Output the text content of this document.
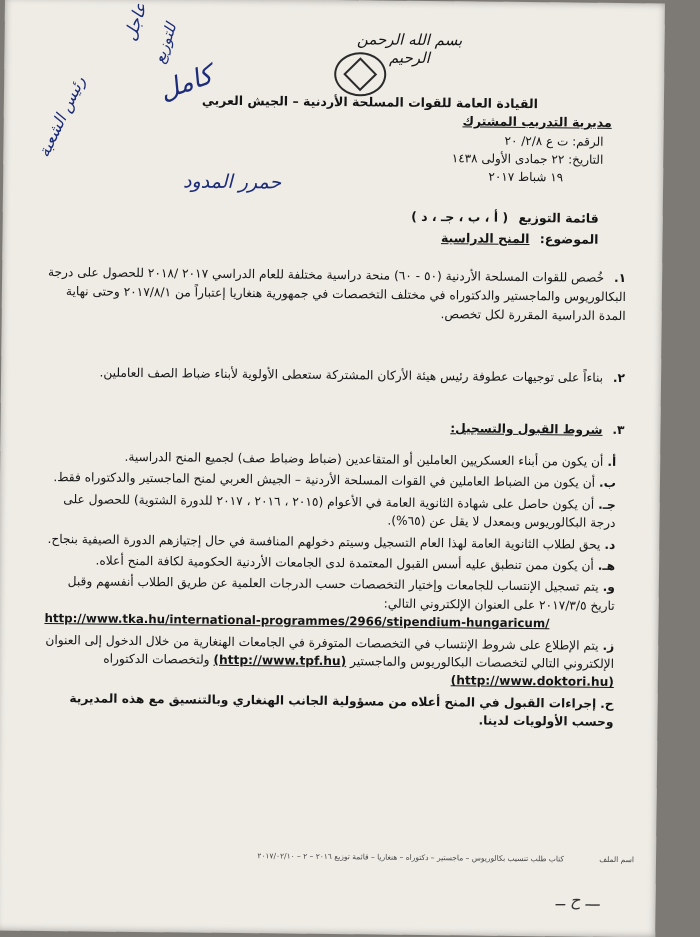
عاجل
للتوزيع
رئيس الشعبة	كامل
حمرر المدود
بسم الله الرحمن الرحيم
القيادة العامة للقوات المسلحة الأردنية – الجيش العربي
مديرية التدريب المشترك
الرقم: ت ع ٢/٨/ ٢٠
التاريخ: ٢٢ جمادى الأولى ١٤٣٨
١٩ شباط ٢٠١٧
قائمة التوزيع ( أ ، ب ، جـ ، د )
الموضوع: المنح الدراسية
١. خُصص للقوات المسلحة الأردنية (٥٠ - ٦٠) منحة دراسية مختلفة للعام الدراسي ٢٠١٧ /٢٠١٨ للحصول على درجة البكالوريوس والماجستير والدكتوراه في مختلف التخصصات في جمهورية هنغاريا إعتباراً من ٢٠١٧/٨/١ وحتى نهاية المدة الدراسية المقررة لكل تخصص.
٢. بناءاً على توجيهات عطوفة رئيس هيئة الأركان المشتركة ستعطى الأولوية لأبناء ضباط الصف العاملين.
٣. شروط القبول والتسجيل:
أ.أن يكون من أبناء العسكريين العاملين أو المتقاعدين (ضباط وضباط صف) لجميع المنح الدراسية.
ب.أن يكون من الضباط العاملين في القوات المسلحة الأردنية – الجيش العربي لمنح الماجستير والدكتوراه فقط.
جـ.أن يكون حاصل على شهادة الثانوية العامة في الأعوام (٢٠١٥ ، ٢٠١٦ ، ٢٠١٧ للدورة الشتوية) للحصول على درجة البكالوريوس وبمعدل لا يقل عن (٦٥%).
د.يحق لطلاب الثانوية العامة لهذا العام التسجيل وسيتم دخولهم المنافسة في حال إجتيازهم الدورة الصيفية بنجاح.
هـ.أن يكون ممن تنطبق عليه أسس القبول المعتمدة لدى الجامعات الأردنية الحكومية لكافة المنح أعلاه.
و.يتم تسجيل الإنتساب للجامعات وإختيار التخصصات حسب الدرجات العلمية عن طريق الطلاب أنفسهم وقبل تاريخ ٢٠١٧/٣/٥ على العنوان الإلكتروني التالي:
http://www.tka.hu/international-programmes/2966/stipendium-hungaricum/
ز.يتم الإطلاع على شروط الإنتساب في التخصصات المتوفرة في الجامعات الهنغارية من خلال الدخول إلى العنوان الإلكتروني التالي لتخصصات البكالوريوس والماجستير (http://www.tpf.hu) ولتخصصات الدكتوراه (http://www.doktori.hu)
ح.إجراءات القبول في المنح أعلاه من مسؤولية الجانب الهنغاري وبالتنسيق مع هذه المديرية وحسب الأولويات لدينا.
كتاب طلب تنسيب بكالوريوس – ماجستير – دكتوراه – هنغاريا – قائمة توزيع ٢٠١٦ – ٢ – ٢٠١٧/٠٢/١٠	اسم الملف
ـــ ح ــ
